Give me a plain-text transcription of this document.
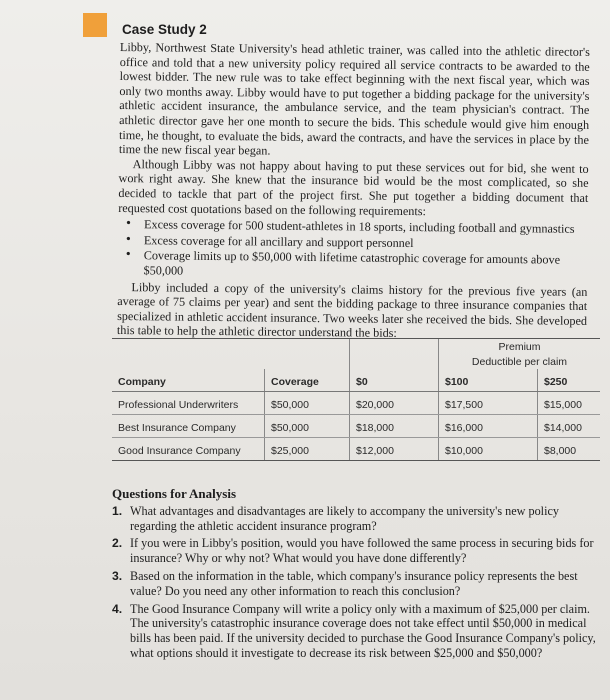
Case Study 2

Libby, Northwest State University's head athletic trainer, was called into the athletic director's office and told that a new university policy required all service contracts to be awarded to the lowest bidder. The new rule was to take effect beginning with the next fiscal year, which was only two months away. Libby would have to put together a bidding package for the university's athletic accident insurance, the ambulance service, and the team physician's contract. The athletic director gave her one month to secure the bids. This schedule would give him enough time, he thought, to evaluate the bids, award the contracts, and have the services in place by the time the new fiscal year began.

Although Libby was not happy about having to put these services out for bid, she went to work right away. She knew that the insurance bid would be the most complicated, so she decided to tackle that part of the project first. She put together a bidding document that requested cost quotations based on the following requirements:

• Excess coverage for 500 student-athletes in 18 sports, including football and gymnastics
• Excess coverage for all ancillary and support personnel
• Coverage limits up to $50,000 with lifetime catastrophic coverage for amounts above $50,000

Libby included a copy of the university's claims history for the previous five years (an average of 75 claims per year) and sent the bidding package to three insurance companies that specialized in athletic accident insurance. Two weeks later she received the bids. She developed this table to help the athletic director understand the bids:

			Premium	
			Deductible per claim	
Company	Coverage	$0	$100	$250
Professional Underwriters	$50,000	$20,000	$17,500	$15,000
Best Insurance Company	$50,000	$18,000	$16,000	$14,000
Good Insurance Company	$25,000	$12,000	$10,000	$8,000
Questions for Analysis
1. What advantages and disadvantages are likely to accompany the university's new policy regarding the athletic accident insurance program?
2. If you were in Libby's position, would you have followed the same process in securing bids for insurance? Why or why not? What would you have done differently?
3. Based on the information in the table, which company's insurance policy represents the best value? Do you need any other information to reach this conclusion?
4. The Good Insurance Company will write a policy only with a maximum of $25,000 per claim. The university's catastrophic insurance coverage does not take effect until $50,000 in medical bills has been paid. If the university decided to purchase the Good Insurance Company's policy, what options should it investigate to decrease its risk between $25,000 and $50,000?
